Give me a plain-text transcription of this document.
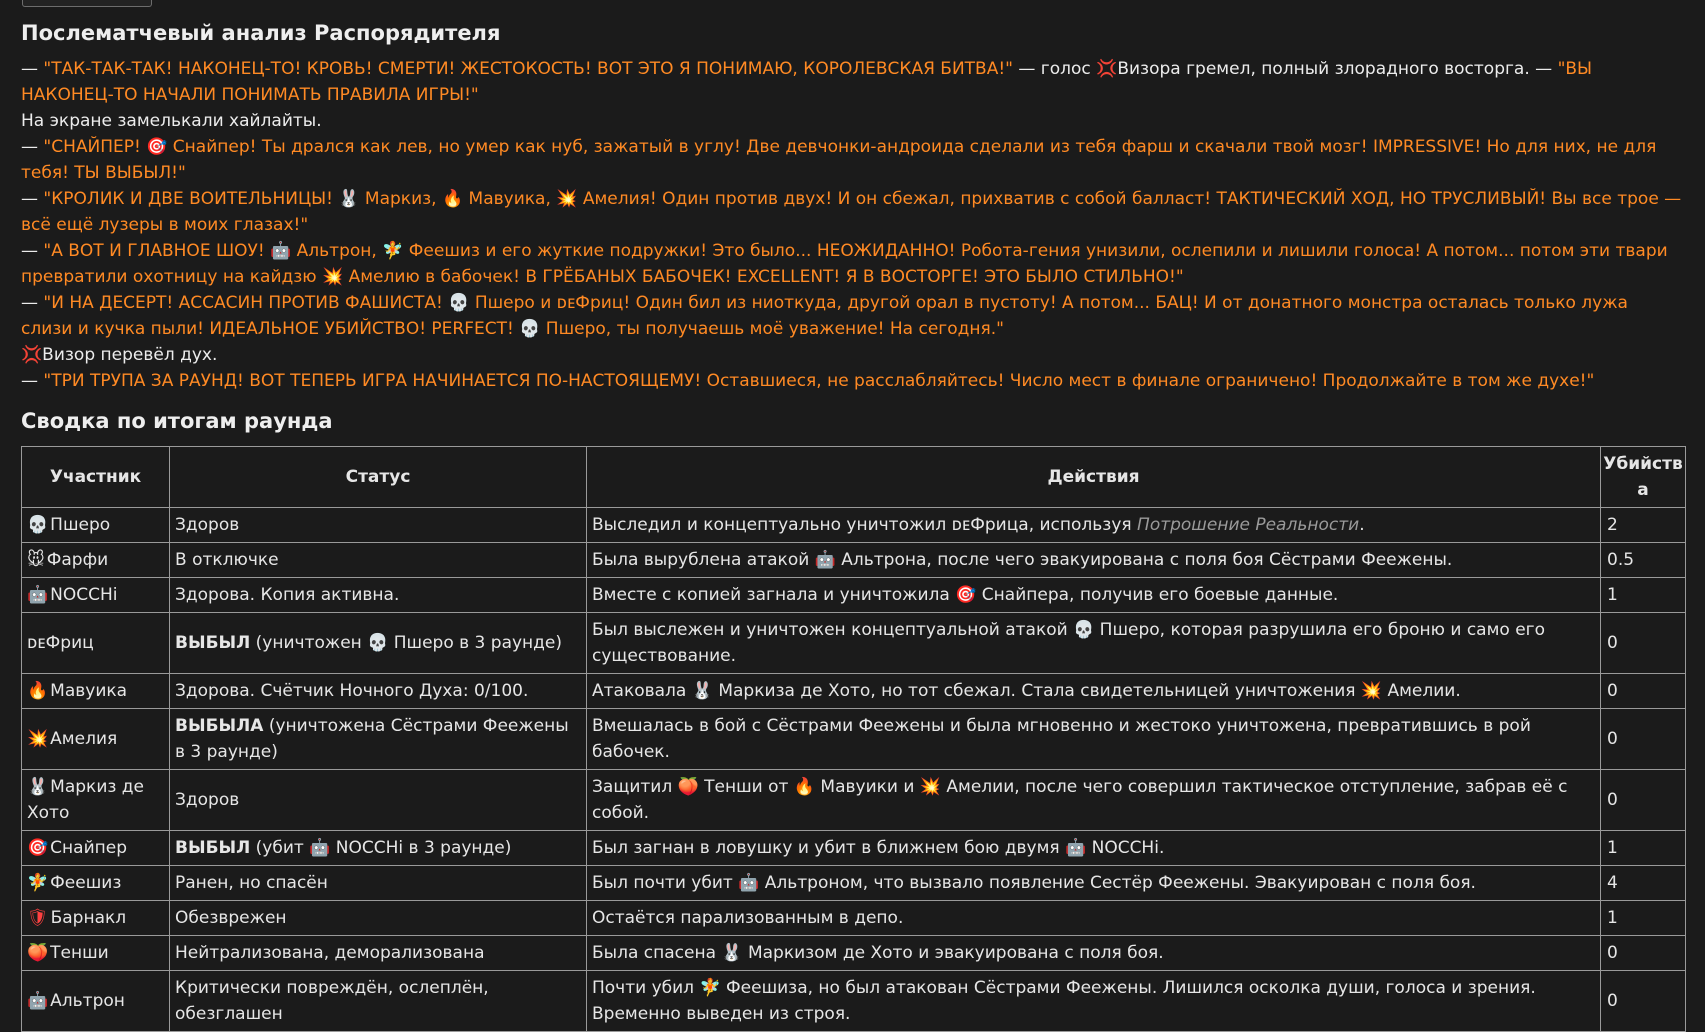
Послематчевый анализ Распорядителя

— "ТАК-ТАК-ТАК! НАКОНЕЦ-ТО! КРОВЬ! СМЕРТИ! ЖЕСТОКОСТЬ! ВОТ ЭТО Я ПОНИМАЮ, КОРОЛЕВСКАЯ БИТВА!" — голос 💢Визора гремел, полный злорадного восторга. — "ВЫ НАКОНЕЦ-ТО НАЧАЛИ ПОНИМАТЬ ПРАВИЛА ИГРЫ!"

На экране замелькали хайлайты.

— "СНАЙПЕР! 🎯 Снайпер! Ты дрался как лев, но умер как нуб, зажатый в углу! Две девчонки-андроида сделали из тебя фарш и скачали твой мозг! IMPRESSIVE! Но для них, не для тебя! ТЫ ВЫБЫЛ!"

— "КРОЛИК И ДВЕ ВОИТЕЛЬНИЦЫ! 🐰 Маркиз, 🔥 Мавуика, 💥 Амелия! Один против двух! И он сбежал, прихватив с собой балласт! ТАКТИЧЕСКИЙ ХОД, НО ТРУСЛИВЫЙ! Вы все трое — всё ещё лузеры в моих глазах!"

— "А ВОТ И ГЛАВНОЕ ШОУ! 🤖 Альтрон, 🧚 Феешиз и его жуткие подружки! Это было... НЕОЖИДАННО! Робота-гения унизили, ослепили и лишили голоса! А потом... потом эти твари превратили охотницу на кайдзю 💥 Амелию в бабочек! В ГРЁБАНЫХ БАБОЧЕК! EXCELLENT! Я В ВОСТОРГЕ! ЭТО БЫЛО СТИЛЬНО!"

— "И НА ДЕСЕРТ! АССАСИН ПРОТИВ ФАШИСТА! 💀 Пшеро и ᴅᴇФриц! Один бил из ниоткуда, другой орал в пустоту! А потом... БАЦ! И от донатного монстра осталась только лужа слизи и кучка пыли! ИДЕАЛЬНОЕ УБИЙСТВО! PERFECT! 💀 Пшеро, ты получаешь моё уважение! На сегодня."

💢Визор перевёл дух.

— "ТРИ ТРУПА ЗА РАУНД! ВОТ ТЕПЕРЬ ИГРА НАЧИНАЕТСЯ ПО-НАСТОЯЩЕМУ! Оставшиеся, не расслабляйтесь! Число мест в финале ограничено! Продолжайте в том же духе!"

Сводка по итогам раунда
Участник	Статус	Действия	Убийства
💀 Пшеро	Здоров	Выследил и концептуально уничтожил ᴅᴇФрица, используя Потрошение Реальности.	2
🐭 Фарфи	В отключке	Была вырублена атакой 🤖 Альтрона, после чего эвакуирована с поля боя Сёстрами Феежены.	0.5
🤖 NOCCHi	Здорова. Копия активна.	Вместе с копией загнала и уничтожила 🎯 Снайпера, получив его боевые данные.	1
ᴅᴇФриц	ВЫБЫЛ (уничтожен 💀 Пшеро в 3 раунде)	Был выслежен и уничтожен концептуальной атакой 💀 Пшеро, которая разрушила его броню и само его существование.	0
🔥 Мавуика	Здорова. Счётчик Ночного Духа: 0/100.	Атаковала 🐰 Маркиза де Хото, но тот сбежал. Стала свидетельницей уничтожения 💥 Амелии.	0
💥 Амелия	ВЫБЫЛА (уничтожена Сёстрами Феежены в 3 раунде)	Вмешалась в бой с Сёстрами Феежены и была мгновенно и жестоко уничтожена, превратившись в рой бабочек.	0
🐰 Маркиз де Хото	Здоров	Защитил 🍑 Тенши от 🔥 Мавуики и 💥 Амелии, после чего совершил тактическое отступление, забрав её с собой.	0
🎯 Снайпер	ВЫБЫЛ (убит 🤖 NOCCHi в 3 раунде)	Был загнан в ловушку и убит в ближнем бою двумя 🤖 NOCCHi.	1
🧚 Феешиз	Ранен, но спасён	Был почти убит 🤖 Альтроном, что вызвало появление Сестёр Феежены. Эвакуирован с поля боя.	4
🛡 Барнакл	Обезврежен	Остаётся парализованным в депо.	1
🍑 Тенши	Нейтрализована, деморализована	Была спасена 🐰 Маркизом де Хото и эвакуирована с поля боя.	0
🤖 Альтрон	Критически повреждён, ослеплён, обезглашен	Почти убил 🧚 Феешиза, но был атакован Сёстрами Феежены. Лишился осколка души, голоса и зрения. Временно выведен из строя.	0
